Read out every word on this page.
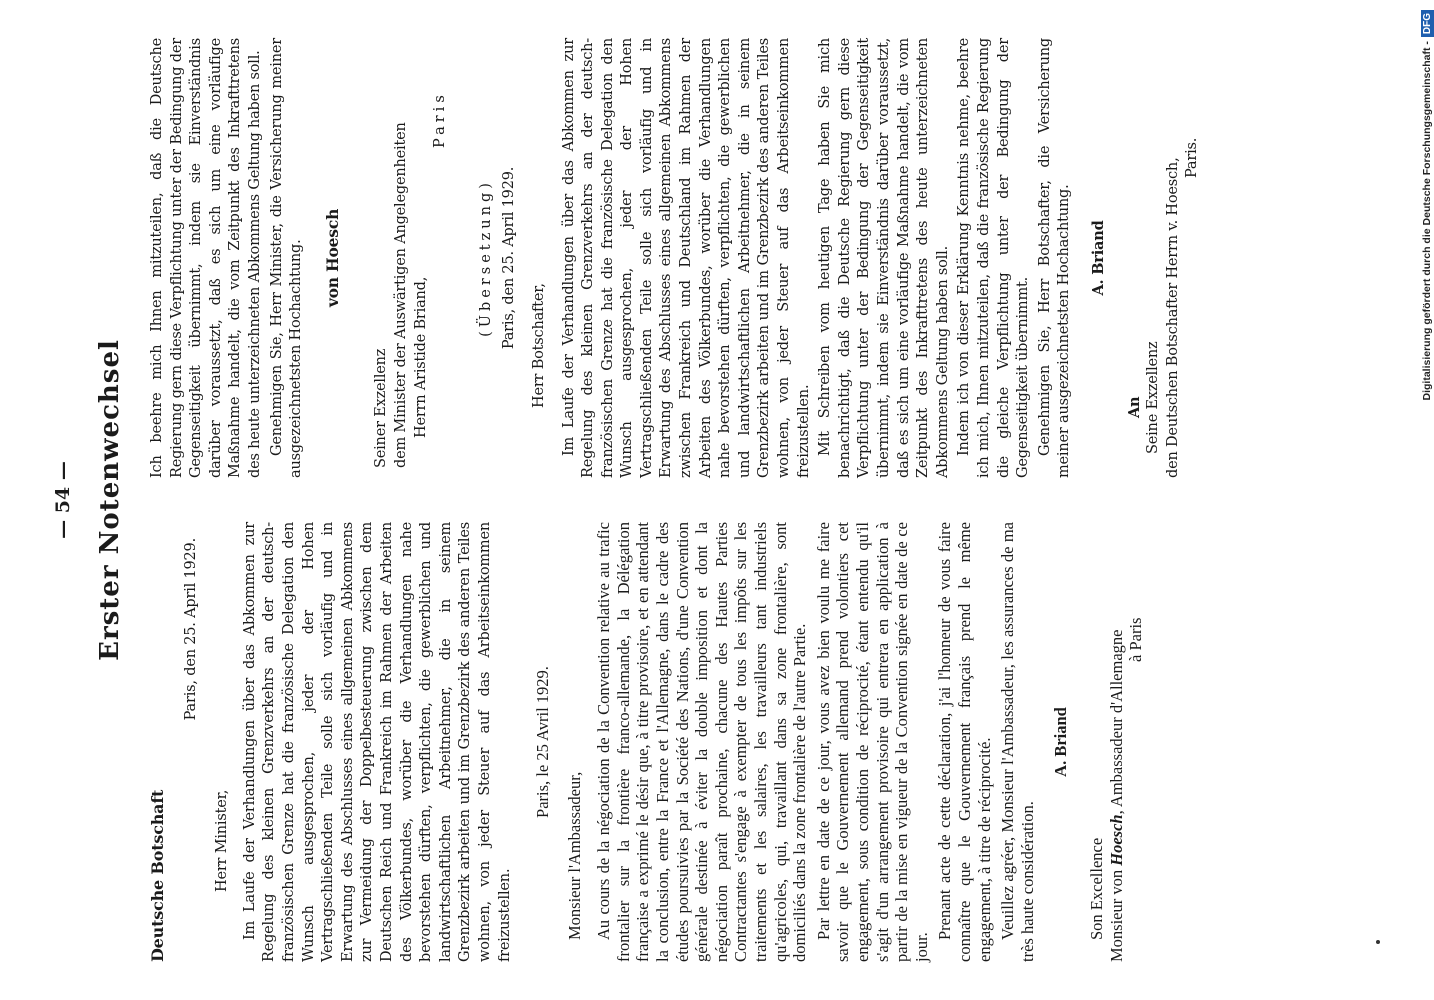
— 54 — Erster Notenwechsel
Deutsche Botschaft
Paris, den 25. April 1929.
Herr Minister, Im Laufe der Verhandlungen über das Abkommen zur Regelung des kleinen Grenzverkehrs an der deutsch-französischen Grenze hat die französische Delegation den Wunsch ausgesprochen, jeder der Hohen Vertragschließenden Teile solle sich vorläufig und in Erwartung des Abschlusses eines allgemeinen Abkommens zur Vermeidung der Doppelbesteuerung zwischen dem Deutschen Reich und Frankreich im Rahmen der Arbeiten des Völkerbundes, worüber die Verhandlungen nahe bevorstehen dürften, verpflichten, die gewerblichen und landwirtschaftlichen Arbeitnehmer, die in seinem Grenzbezirk arbeiten und im Grenzbezirk des anderen Teiles wohnen, von jeder Steuer auf das Arbeitseinkommen freizustellen.

Paris, le 25 Avril 1929.
Monsieur l'Ambassadeur, Au cours de la négociation de la Convention relative au trafic frontalier sur la frontière franco-allemande, la Délégation française a exprimé le désir que, à titre provisoire, et en attendant la conclusion, entre la France et l'Allemagne, dans le cadre des études poursuivies par la Société des Nations, d'une Convention générale destinée à éviter la double imposition et dont la négociation paraît prochaine, chacune des Hautes Parties Contractantes s'engage à exempter de tous les impôts sur les traitements et les salaires, les travailleurs tant industriels qu'agricoles, qui, travaillant dans sa zone frontalière, sont domiciliés dans la zone frontalière de l'autre Partie. Par lettre en date de ce jour, vous avez bien voulu me faire savoir que le Gouvernement allemand prend volontiers cet engagement, sous condition de réciprocité, étant entendu qu'il s'agit d'un arrangement provisoire qui entrera en application à partir de la mise en vigueur de la Convention signée en date de ce jour.

Prenant acte de cette déclaration, j'ai l'honneur de vous faire connaître que le Gouvernement français prend le même engagement, à titre de réciprocité. Veuillez agréer, Monsieur l'Ambassadeur, les assurances de ma très haute considération.

A. Briand
Son Excellence Monsieur von Hoesch, Ambassadeur d'Allemagne à Paris

Ich beehre mich Ihnen mitzuteilen, daß die Deutsche Regierung gern diese Verpflichtung unter der Bedingung der Gegenseitigkeit übernimmt, indem sie Einverständnis darüber voraussetzt, daß es sich um eine vorläufige Maßnahme handelt, die vom Zeitpunkt des Inkrafttretens des heute unterzeichneten Abkommens Geltung haben soll. Genehmigen Sie, Herr Minister, die Versicherung meiner ausgezeichnetsten Hochachtung. von Hoesch
Seiner Exzellenz dem Minister der Auswärtigen Angelegenheiten Herrn Aristide Briand,
Paris
(Übersetzung) Paris, den 25. April 1929. Herr Botschafter, Im Laufe der Verhandlungen über das Abkommen zur Regelung des kleinen Grenzverkehrs an der deutsch-französischen Grenze hat die französische Delegation den Wunsch ausgesprochen, jeder der Hohen Vertragschließenden Teile solle sich vorläufig und in Erwartung des Abschlusses eines allgemeinen Abkommens zwischen Frankreich und Deutschland im Rahmen der Arbeiten des Völkerbundes, worüber die Verhandlungen nahe bevorstehen dürften, verpflichten, die gewerblichen und landwirtschaftlichen Arbeitnehmer, die in seinem Grenzbezirk arbeiten und im Grenzbezirk des anderen Teiles wohnen, von jeder Steuer auf das Arbeitseinkommen freizustellen. Mit Schreiben vom heutigen Tage haben Sie mich benachrichtigt, daß die Deutsche Regierung gern diese Verpflichtung unter der Bedingung der Gegenseitigkeit übernimmt, indem sie Einverständnis darüber voraussetzt, daß es sich um eine vorläufige Maßnahme handelt, die vom Zeitpunkt des Inkrafttretens des heute unterzeichneten Abkommens Geltung haben soll. Indem ich von dieser Erklärung Kenntnis nehme, beehre ich mich, Ihnen mitzuteilen, daß die französische Regierung die gleiche Verpflichtung unter der Bedingung der Gegenseitigkeit übernimmt. Genehmigen Sie, Herr Botschafter, die Versicherung meiner ausgezeichnetsten Hochachtung. A. Briand
An Seine Exzellenz den Deutschen Botschafter Herrn v. Hoesch, Paris.	Digitalisierung gefördert durch die Deutsche Forschungsgemeinschaft -DFG
